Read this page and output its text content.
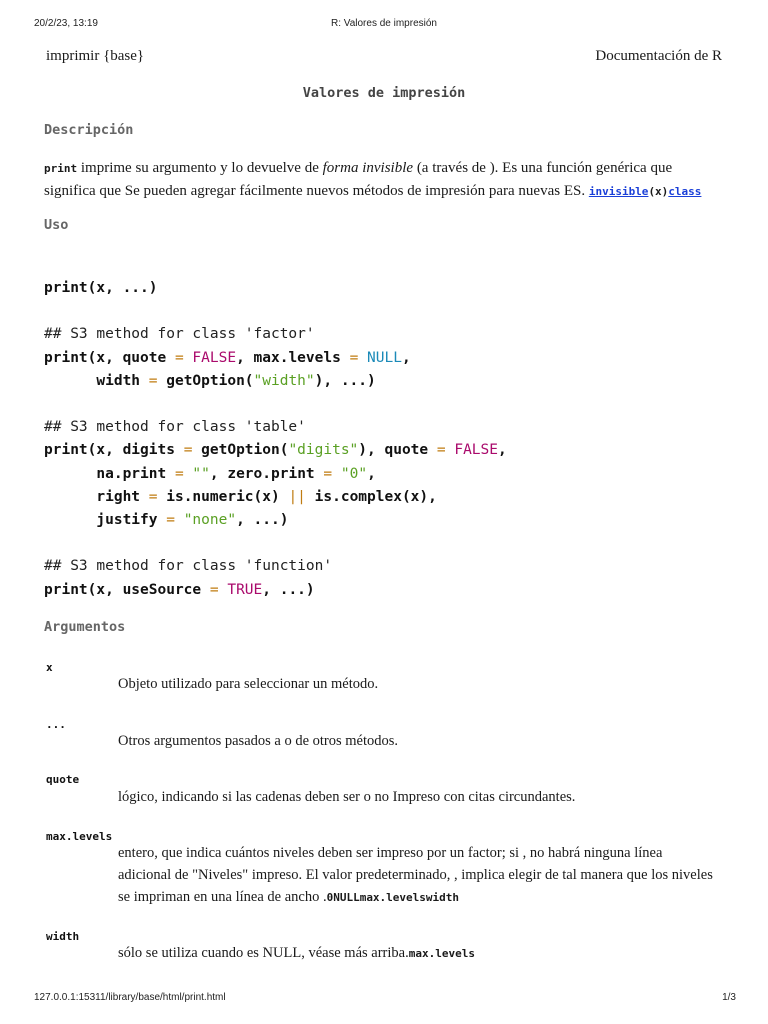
20/2/23, 13:19	R: Valores de impresión
imprimir {base}	Documentación de R
Valores de impresión
Descripción
print imprime su argumento y lo devuelve de forma invisible (a través de ). Es una función genérica que significa que Se pueden agregar fácilmente nuevos métodos de impresión para nuevas ES. invisible(x)class
Uso
print(x, ...)

## S3 method for class 'factor'
print(x, quote = FALSE, max.levels = NULL,
width = getOption("width"), ...)

## S3 method for class 'table'
print(x, digits = getOption("digits"), quote = FALSE,
na.print = "", zero.print = "0",
right = is.numeric(x) || is.complex(x),
justify = "none", ...)

## S3 method for class 'function'
print(x, useSource = TRUE, ...)
Argumentos
x
Objeto utilizado para seleccionar un método.
...
Otros argumentos pasados a o de otros métodos.
quote
lógico, indicando si las cadenas deben ser o no Impreso con citas circundantes.
max.levels
entero, que indica cuántos niveles deben ser impreso por un factor; si , no habrá ninguna línea adicional de "Niveles" impreso. El valor predeterminado, , implica elegir de tal manera que los niveles se impriman en una línea de ancho .0NULLmax.levelswidth
width
sólo se utiliza cuando es NULL, véase más arriba.max.levels
127.0.0.1:15311/library/base/html/print.html	1/3
